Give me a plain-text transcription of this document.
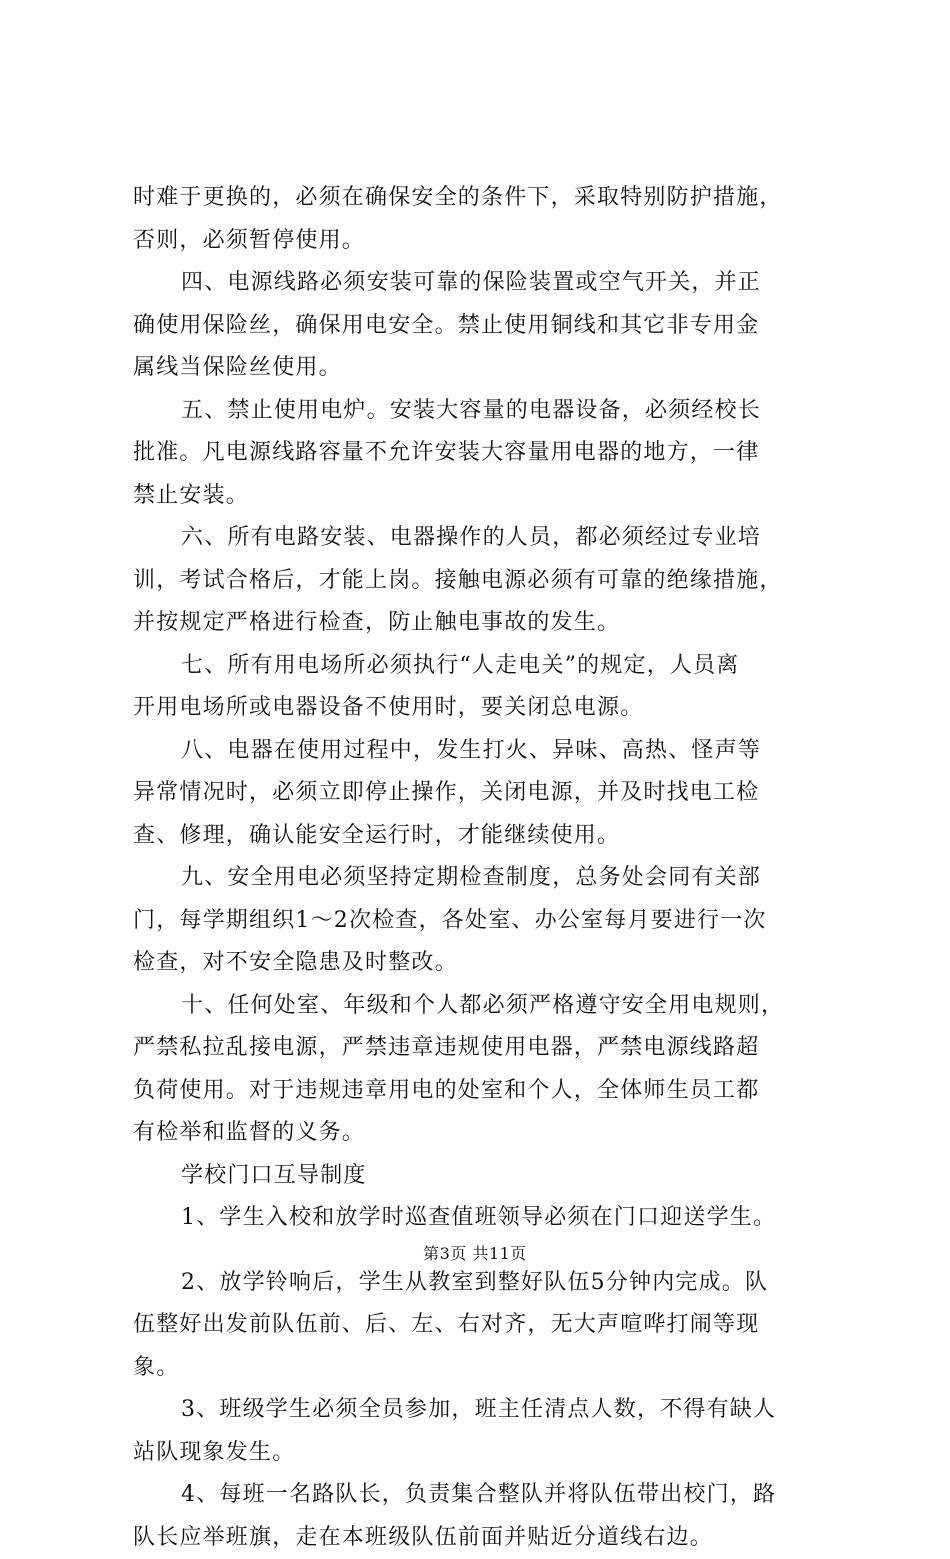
时难于更换的，必须在确保安全的条件下，采取特别防护措施，
否则，必须暂停使用。
四、电源线路必须安装可靠的保险装置或空气开关，并正
确使用保险丝，确保用电安全。禁止使用铜线和其它非专用金
属线当保险丝使用。
五、禁止使用电炉。安装大容量的电器设备，必须经校长
批准。凡电源线路容量不允许安装大容量用电器的地方，一律
禁止安装。
六、所有电路安装、电器操作的人员，都必须经过专业培
训，考试合格后，才能上岗。接触电源必须有可靠的绝缘措施，
并按规定严格进行检查，防止触电事故的发生。
七、所有用电场所必须执行“人走电关”的规定，人员离
开用电场所或电器设备不使用时，要关闭总电源。
八、电器在使用过程中，发生打火、异味、高热、怪声等
异常情况时，必须立即停止操作，关闭电源，并及时找电工检
查、修理，确认能安全运行时，才能继续使用。
九、安全用电必须坚持定期检查制度，总务处会同有关部
门，每学期组织1～2次检查，各处室、办公室每月要进行一次
检查，对不安全隐患及时整改。
十、任何处室、年级和个人都必须严格遵守安全用电规则，
严禁私拉乱接电源，严禁违章违规使用电器，严禁电源线路超
负荷使用。对于违规违章用电的处室和个人，全体师生员工都
有检举和监督的义务。
学校门口互导制度
1、学生入校和放学时巡查值班领导必须在门口迎送学生。
2、放学铃响后，学生从教室到整好队伍5分钟内完成。队
伍整好出发前队伍前、后、左、右对齐，无大声喧哗打闹等现
象。
3、班级学生必须全员参加，班主任清点人数，不得有缺人
站队现象发生。
4、每班一名路队长，负责集合整队并将队伍带出校门，路
队长应举班旗，走在本班级队伍前面并贴近分道线右边。
第3页 共11页
